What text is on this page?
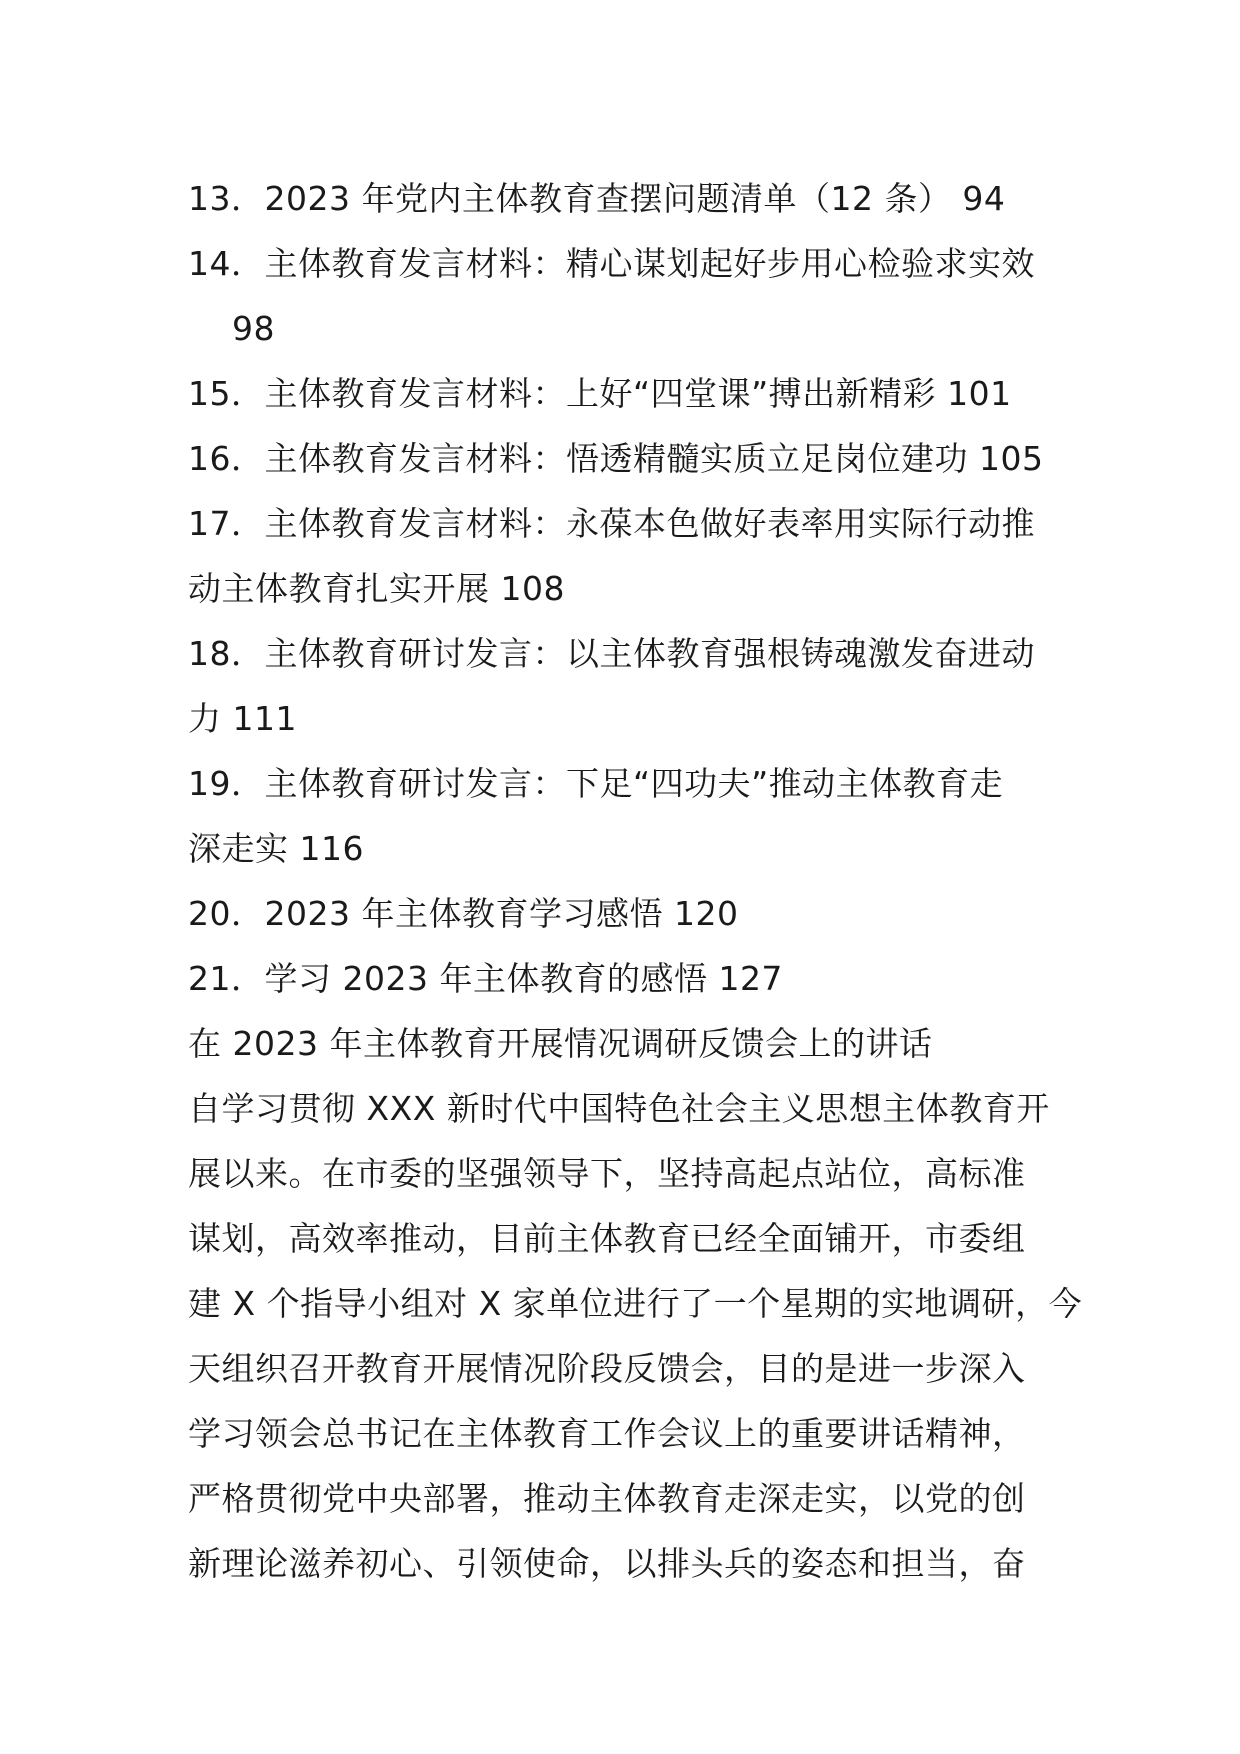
13．2023 年党内主体教育查摆问题清单（12 条） 94
14．主体教育发言材料：精心谋划起好步用心检验求实效
98
15．主体教育发言材料：上好“四堂课”搏出新精彩 101
16．主体教育发言材料：悟透精髓实质立足岗位建功 105
17．主体教育发言材料：永葆本色做好表率用实际行动推
动主体教育扎实开展 108
18．主体教育研讨发言：以主体教育强根铸魂激发奋进动
力 111
19．主体教育研讨发言：下足“四功夫”推动主体教育走
深走实 116
20．2023 年主体教育学习感悟 120
21．学习 2023 年主体教育的感悟 127
在 2023 年主体教育开展情况调研反馈会上的讲话
自学习贯彻 XXX 新时代中国特色社会主义思想主体教育开
展以来。在市委的坚强领导下，坚持高起点站位，高标准
谋划，高效率推动，目前主体教育已经全面铺开，市委组
建 X 个指导小组对 X 家单位进行了一个星期的实地调研，今
天组织召开教育开展情况阶段反馈会，目的是进一步深入
学习领会总书记在主体教育工作会议上的重要讲话精神，
严格贯彻党中央部署，推动主体教育走深走实，以党的创
新理论滋养初心、引领使命，以排头兵的姿态和担当，奋
